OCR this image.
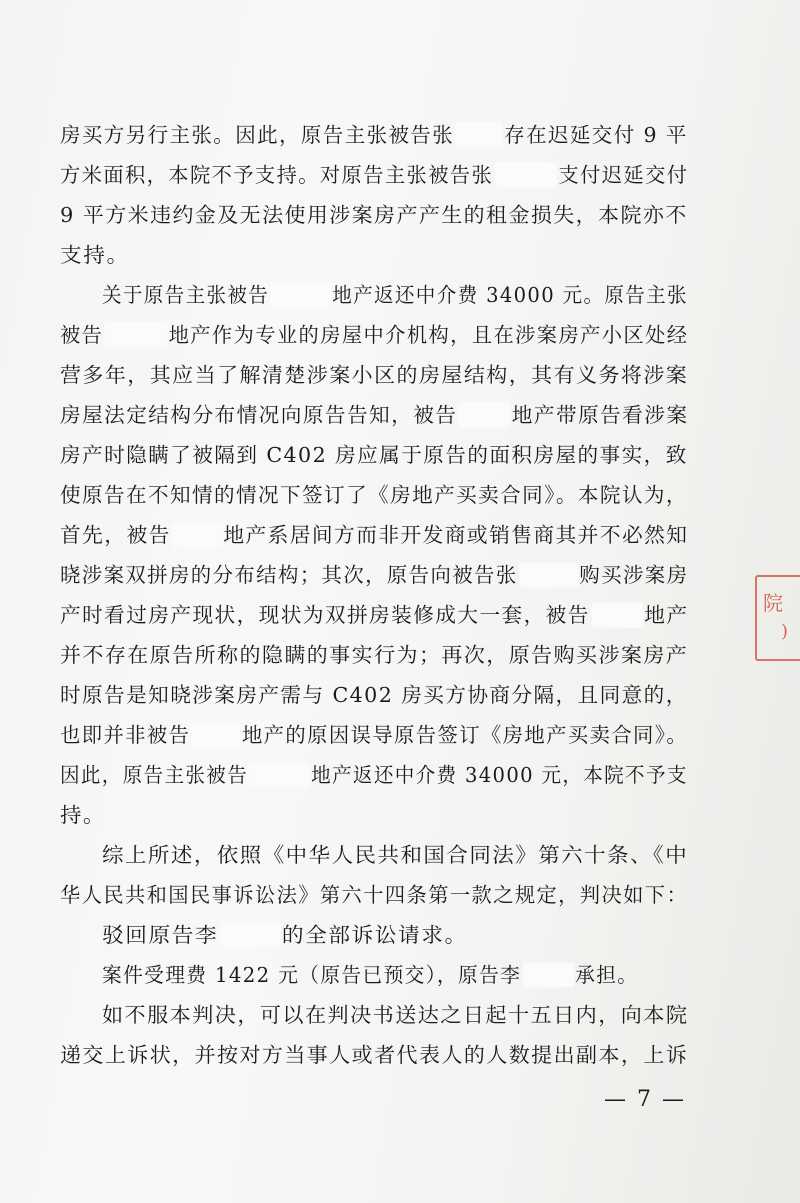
房买方另行主张。因此，原告主张被告张 存在迟延交付 9 平
方米面积，本院不予支持。对原告主张被告张	支付迟延交付
9 平方米违约金及无法使用涉案房产产生的租金损失，本院亦不
支持。
关于原告主张被告	地产返还中介费 34000 元。原告主张
被告	地产作为专业的房屋中介机构，且在涉案房产小区处经
营多年，其应当了解清楚涉案小区的房屋结构，其有义务将涉案
房屋法定结构分布情况向原告告知，被告	地产带原告看涉案
房产时隐瞒了被隔到 C402 房应属于原告的面积房屋的事实，致
使原告在不知情的情况下签订了《房地产买卖合同》。本院认为，
首先，被告	地产系居间方而非开发商或销售商其并不必然知
晓涉案双拼房的分布结构；其次，原告向被告张	购买涉案房
产时看过房产现状，现状为双拼房装修成大一套，被告	地产
并不存在原告所称的隐瞒的事实行为；再次，原告购买涉案房产
时原告是知晓涉案房产需与 C402 房买方协商分隔，且同意的，
也即并非被告	地产的原因误导原告签订《房地产买卖合同》。
因此，原告主张被告	地产返还中介费 34000 元，本院不予支
持。
综上所述，依照《中华人民共和国合同法》第六十条、《中
华人民共和国民事诉讼法》第六十四条第一款之规定，判决如下：
驳回原告李	的全部诉讼请求。
案件受理费 1422 元（原告已预交），原告李	承担。
如不服本判决，可以在判决书送达之日起十五日内，向本院
递交上诉状，并按对方当事人或者代表人的人数提出副本，上诉
— 7 —
院
)
